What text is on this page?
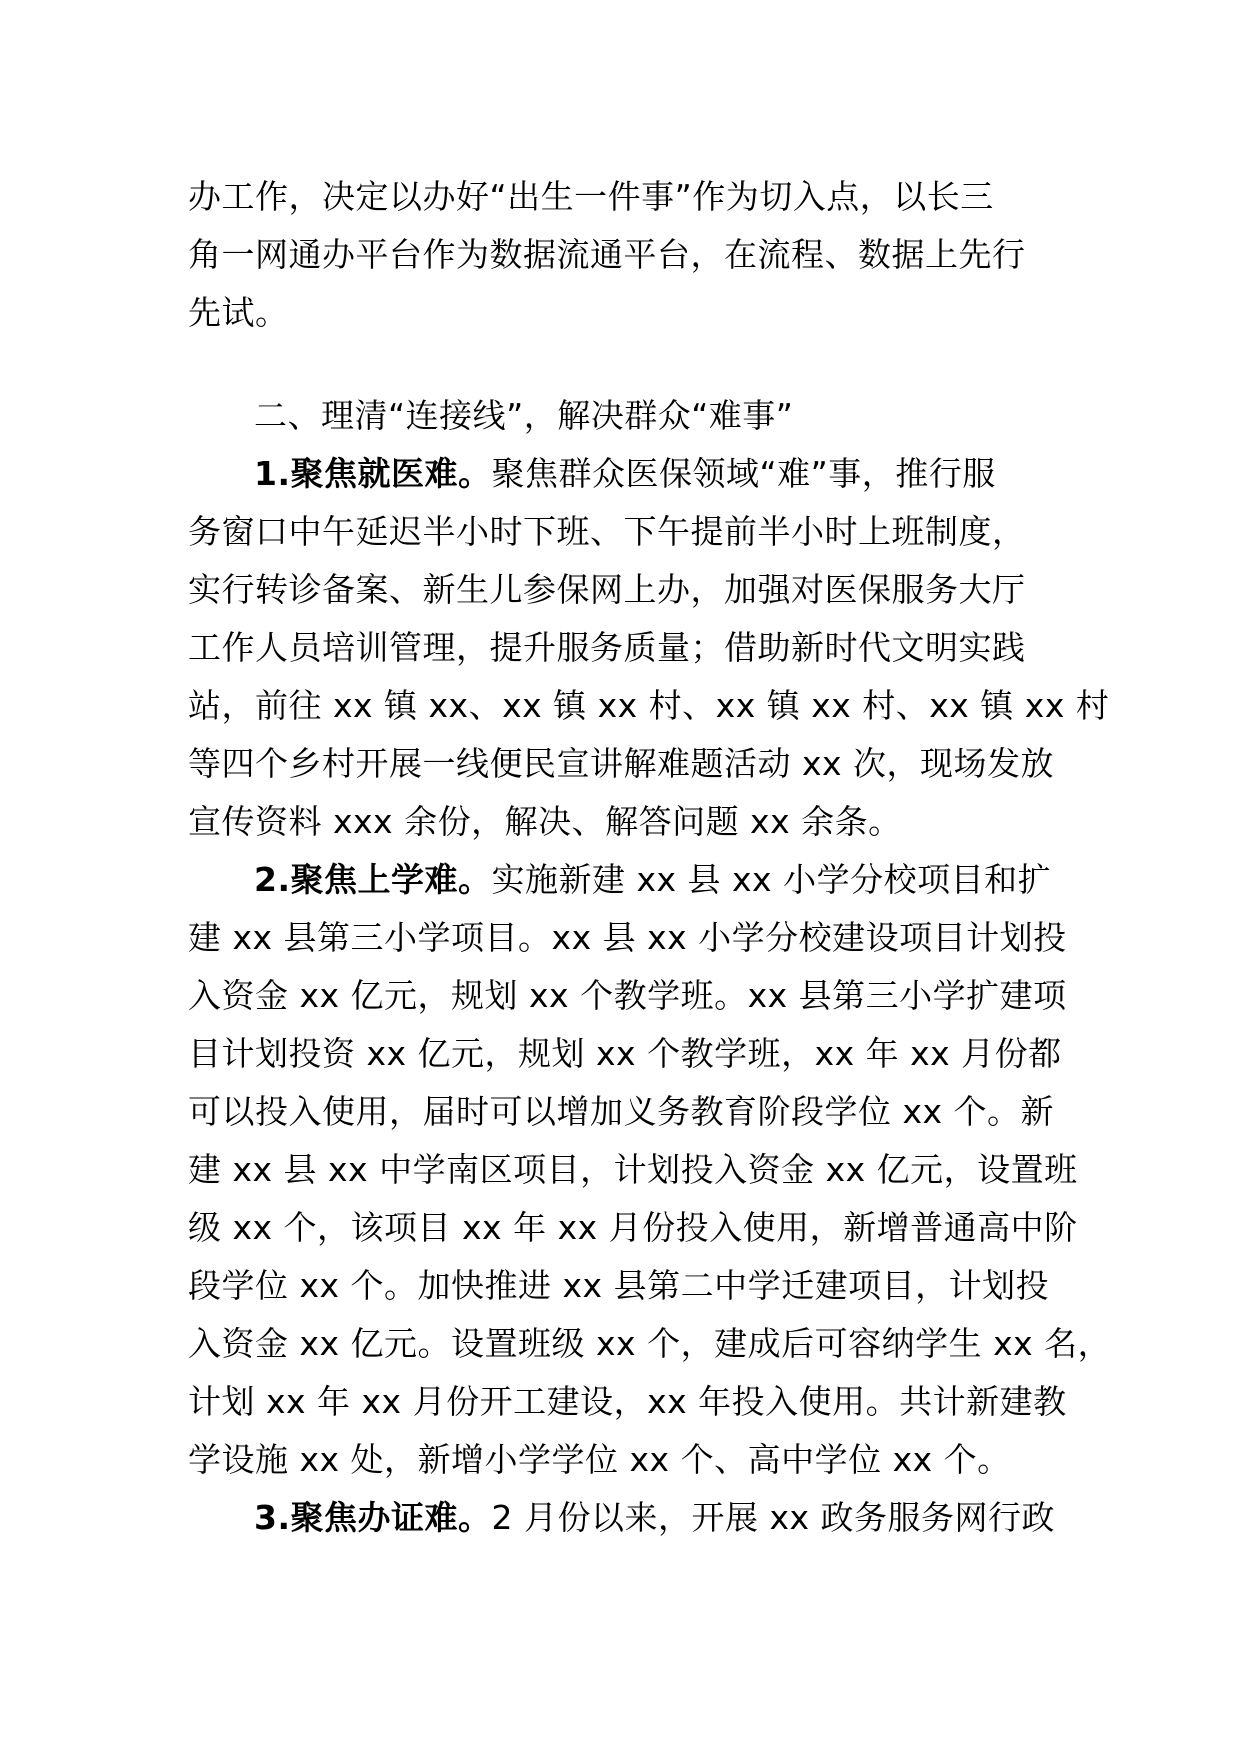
办工作，决定以办好“出生一件事”作为切入点，以长三
角一网通办平台作为数据流通平台，在流程、数据上先行
先试。
二、理清“连接线”，解决群众“难事”
1.聚焦就医难。聚焦群众医保领域“难”事，推行服
务窗口中午延迟半小时下班、下午提前半小时上班制度，
实行转诊备案、新生儿参保网上办，加强对医保服务大厅
工作人员培训管理，提升服务质量；借助新时代文明实践
站，前往 xx 镇 xx、xx 镇 xx 村、xx 镇 xx 村、xx 镇 xx 村
等四个乡村开展一线便民宣讲解难题活动 xx 次，现场发放
宣传资料 xxx 余份，解决、解答问题 xx 余条。
2.聚焦上学难。实施新建 xx 县 xx 小学分校项目和扩
建 xx 县第三小学项目。xx 县 xx 小学分校建设项目计划投
入资金 xx 亿元，规划 xx 个教学班。xx 县第三小学扩建项
目计划投资 xx 亿元，规划 xx 个教学班，xx 年 xx 月份都
可以投入使用，届时可以增加义务教育阶段学位 xx 个。新
建 xx 县 xx 中学南区项目，计划投入资金 xx 亿元，设置班
级 xx 个，该项目 xx 年 xx 月份投入使用，新增普通高中阶
段学位 xx 个。加快推进 xx 县第二中学迁建项目，计划投
入资金 xx 亿元。设置班级 xx 个，建成后可容纳学生 xx 名，
计划 xx 年 xx 月份开工建设，xx 年投入使用。共计新建教
学设施 xx 处，新增小学学位 xx 个、高中学位 xx 个。
3.聚焦办证难。2 月份以来，开展 xx 政务服务网行政
